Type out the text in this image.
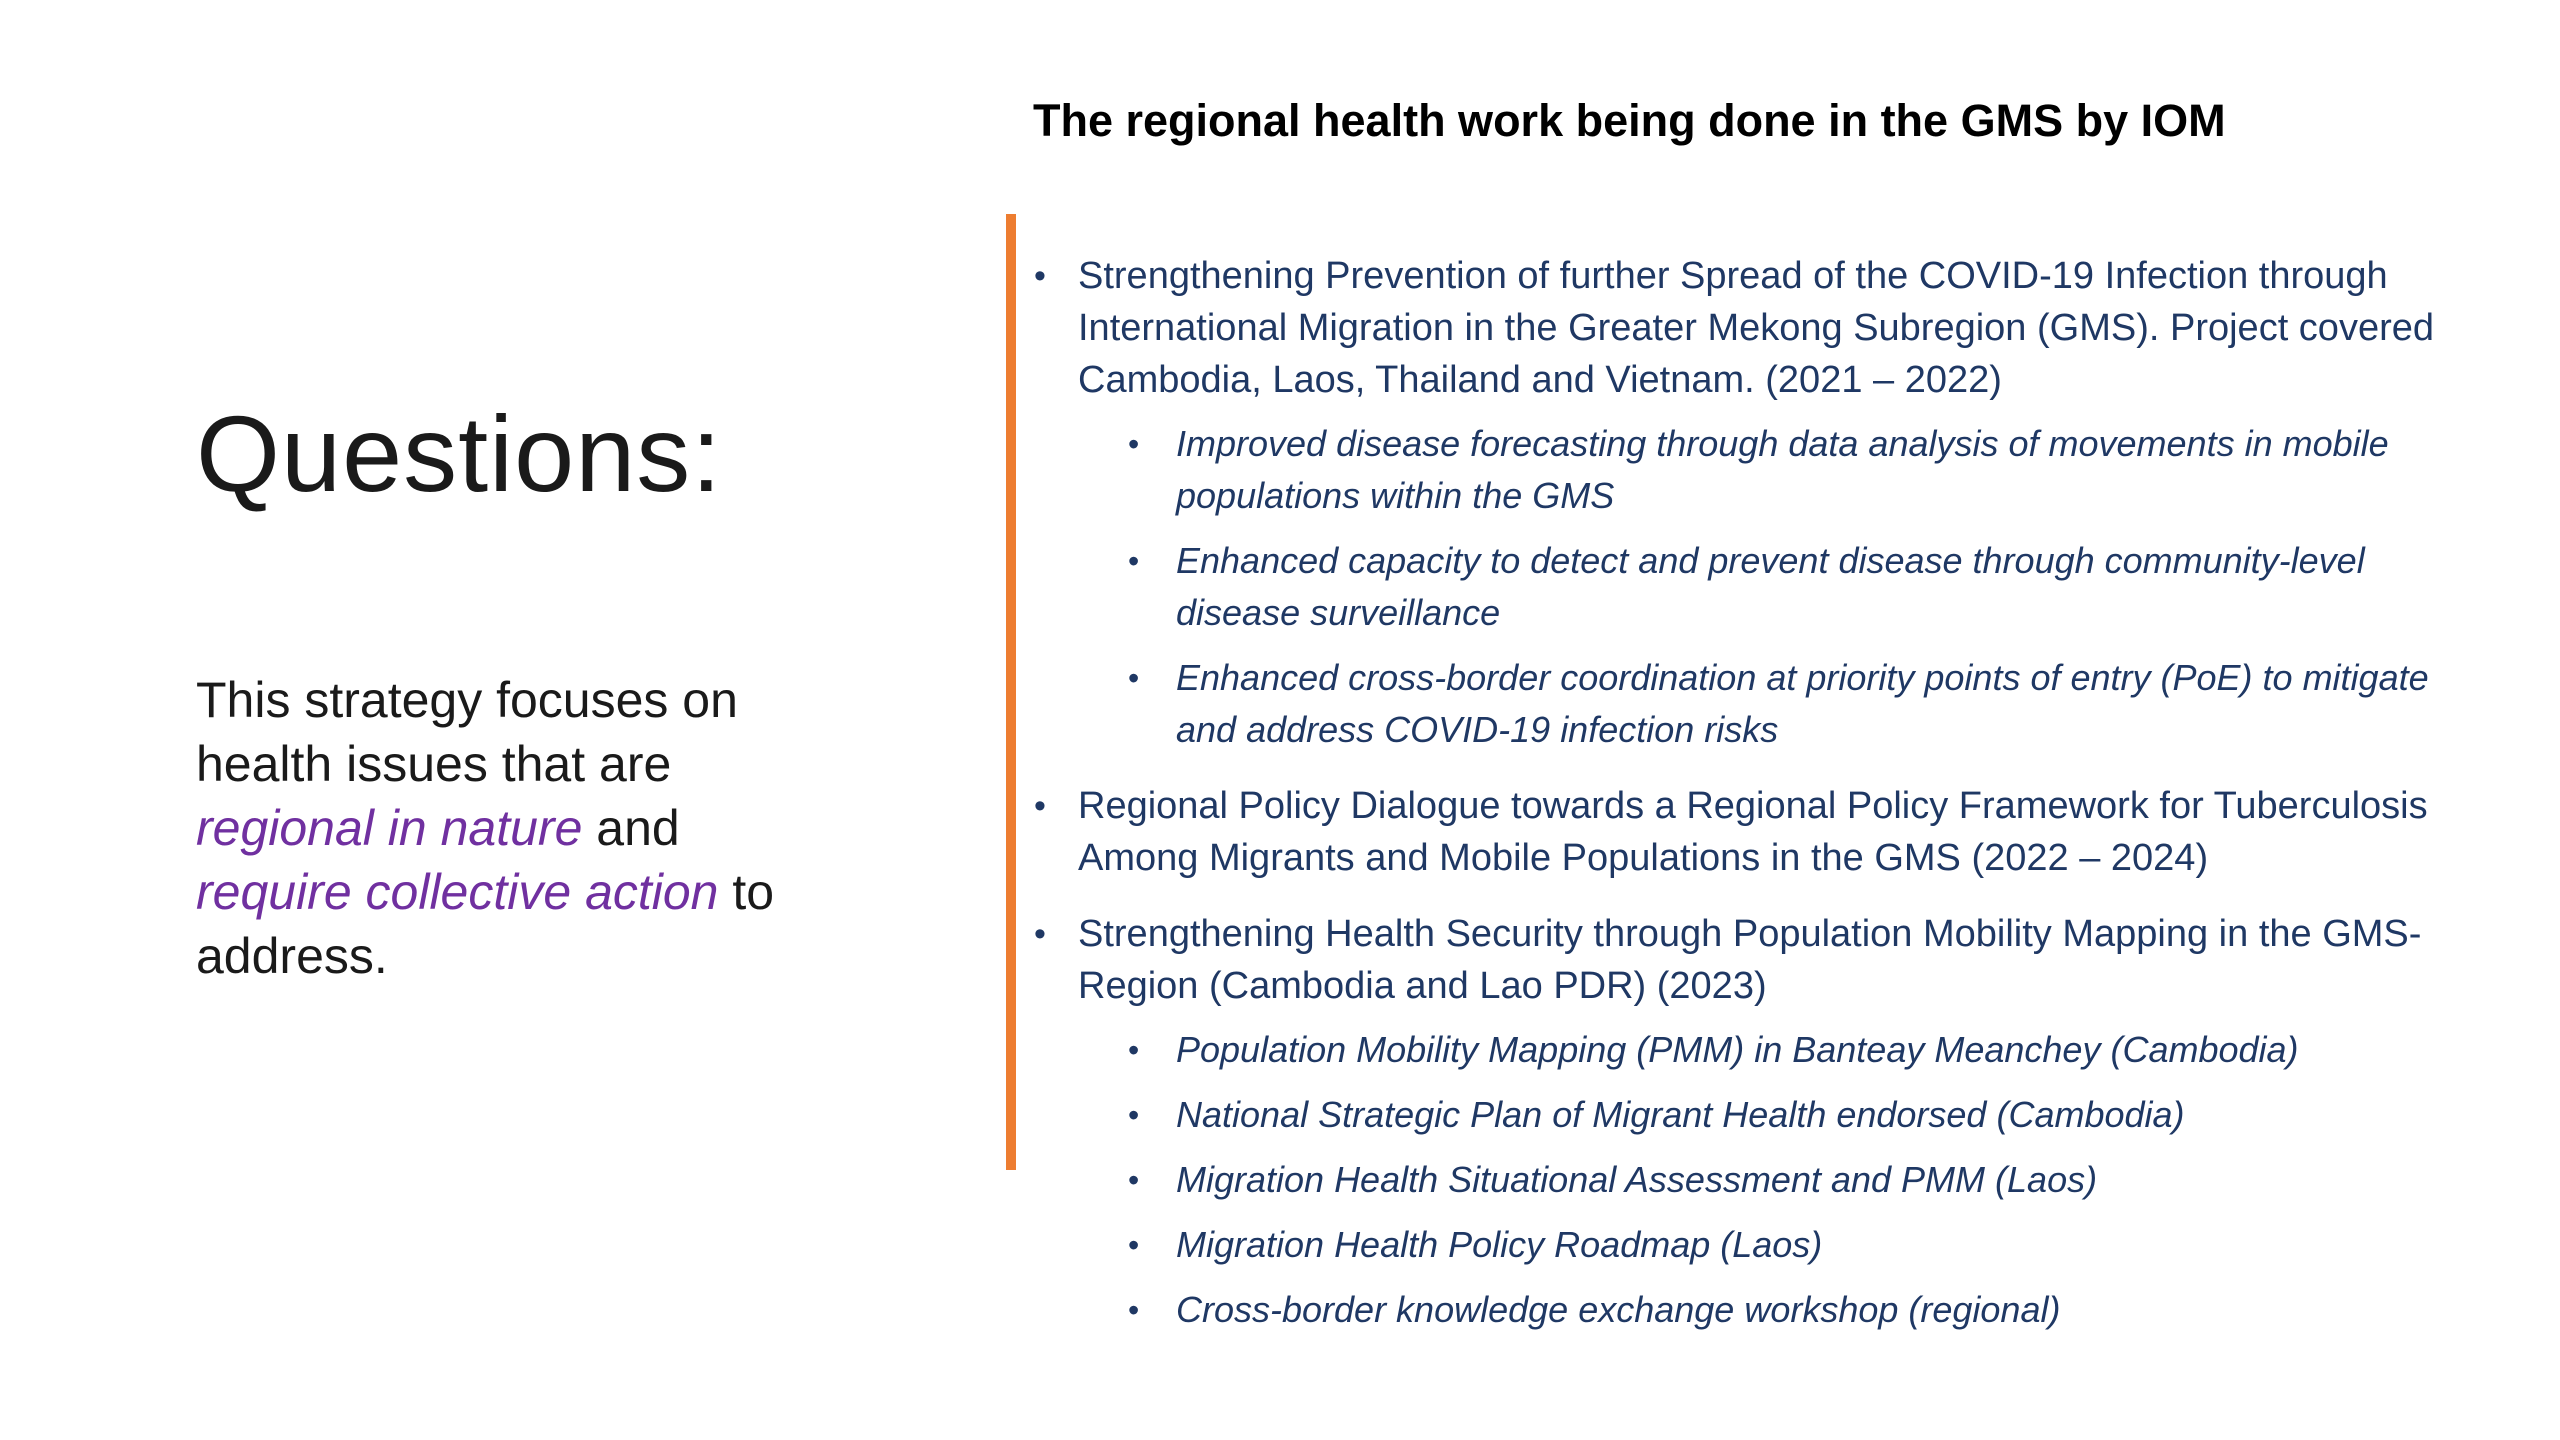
Questions:
This strategy focuses on health issues that are regional in nature and require collective action to address.
The regional health work being done in the GMS by IOM
• Strengthening Prevention of further Spread of the COVID-19 Infection through International Migration in the Greater Mekong Subregion (GMS). Project covered Cambodia, Laos, Thailand and Vietnam. (2021 – 2022)
• Improved disease forecasting through data analysis of movements in mobile populations within the GMS
• Enhanced capacity to detect and prevent disease through community-level disease surveillance
• Enhanced cross-border coordination at priority points of entry (PoE) to mitigate and address COVID-19 infection risks
• Regional Policy Dialogue towards a Regional Policy Framework for Tuberculosis Among Migrants and Mobile Populations in the GMS (2022 – 2024)
• Strengthening Health Security through Population Mobility Mapping in the GMS-Region (Cambodia and Lao PDR) (2023)
• Population Mobility Mapping (PMM) in Banteay Meanchey (Cambodia)
• National Strategic Plan of Migrant Health endorsed (Cambodia)
• Migration Health Situational Assessment and PMM (Laos)
• Migration Health Policy Roadmap (Laos)
• Cross-border knowledge exchange workshop (regional)
